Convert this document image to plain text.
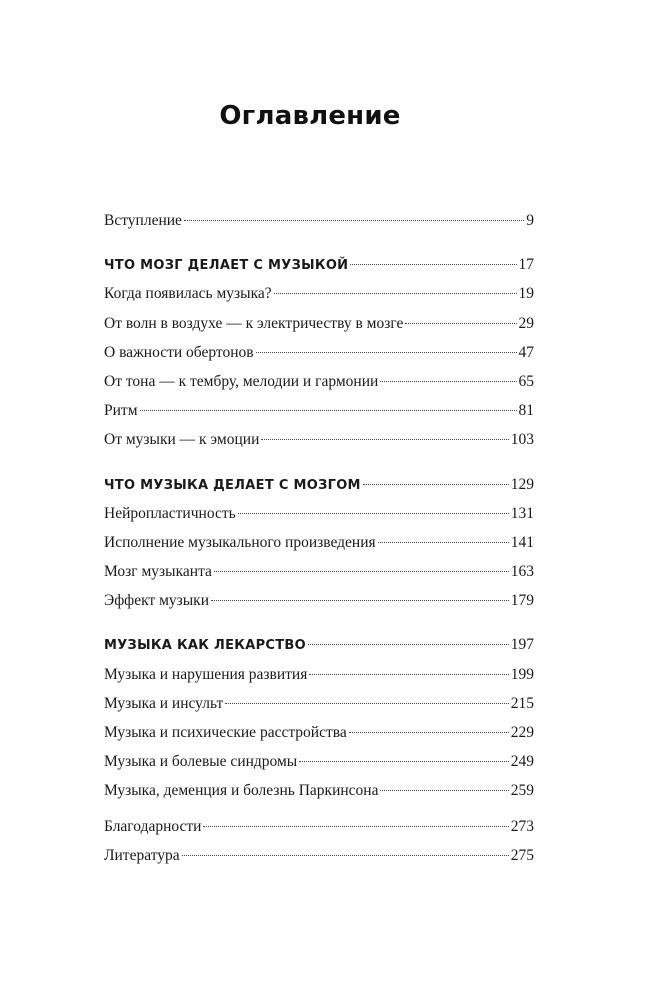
Оглавление
Вступление	9
ЧТО МОЗГ ДЕЛАЕТ С МУЗЫКОЙ	17
Когда появилась музыка?	19
От волн в воздухе — к электричеству в мозге	29
О важности обертонов	47
От тона — к тембру, мелодии и гармонии	65
Ритм	81
От музыки — к эмоции	103
ЧТО МУЗЫКА ДЕЛАЕТ С МОЗГОМ	129
Нейропластичность	131
Исполнение музыкального произведения	141
Мозг музыканта	163
Эффект музыки	179
МУЗЫКА КАК ЛЕКАРСТВО	197
Музыка и нарушения развития	199
Музыка и инсульт	215
Музыка и психические расстройства	229
Музыка и болевые синдромы	249
Музыка, деменция и болезнь Паркинсона	259
Благодарности	273
Литература	275
